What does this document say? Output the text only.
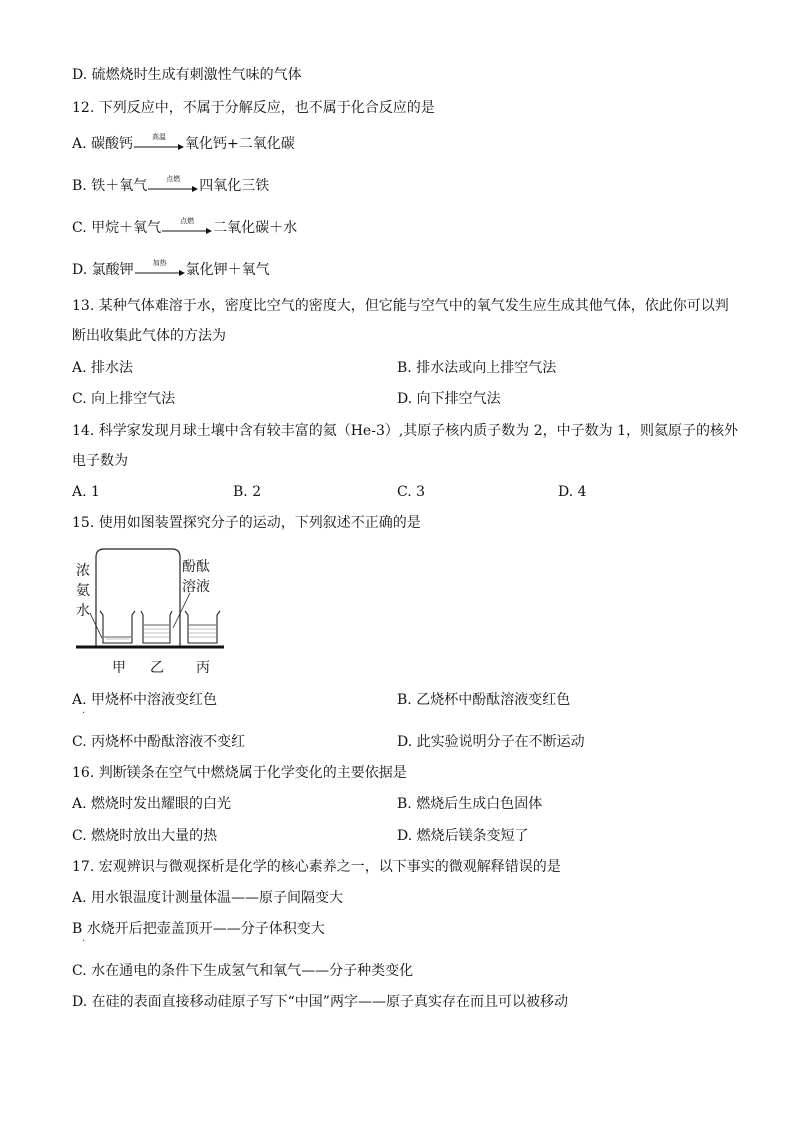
D. 硫燃烧时生成有刺激性气味的气体
12. 下列反应中，不属于分解反应，也不属于化合反应的是
A. 碳酸钙	高温	氧化钙+二氧化碳
B. 铁＋氧气	点燃	四氧化三铁
C. 甲烷＋氧气	点燃	二氧化碳＋水
D. 氯酸钾	加热	氯化钾＋氧气
13. 某种气体难溶于水，密度比空气的密度大，但它能与空气中的氧气发生应生成其他气体，依此你可以判
断出收集此气体的方法为
A. 排水法	B. 排水法或向上排空气法
C. 向上排空气法	D. 向下排空气法
14. 科学家发现月球土壤中含有较丰富的氦（He-3）,其原子核内质子数为 2，中子数为 1，则氦原子的核外
电子数为
A. 1	B. 2	C. 3	D. 4
15. 使用如图装置探究分子的运动，下列叙述不正确的是
浓
氨
水
酚酞
溶液
甲 乙 丙
A. 甲烧杯中溶液变红色	B. 乙烧杯中酚酞溶液变红色
·
C. 丙烧杯中酚酞溶液不变红	D. 此实验说明分子在不断运动
16. 判断镁条在空气中燃烧属于化学变化的主要依据是
A. 燃烧时发出耀眼的白光	B. 燃烧后生成白色固体
C. 燃烧时放出大量的热	D. 燃烧后镁条变短了
17. 宏观辨识与微观探析是化学的核心素养之一，以下事实的微观解释错误的是
A. 用水银温度计测量体温——原子间隔变大
B 水烧开后把壶盖顶开——分子体积变大
·
C. 水在通电的条件下生成氢气和氧气——分子种类变化
D. 在硅的表面直接移动硅原子写下“中国”两字——原子真实存在而且可以被移动
